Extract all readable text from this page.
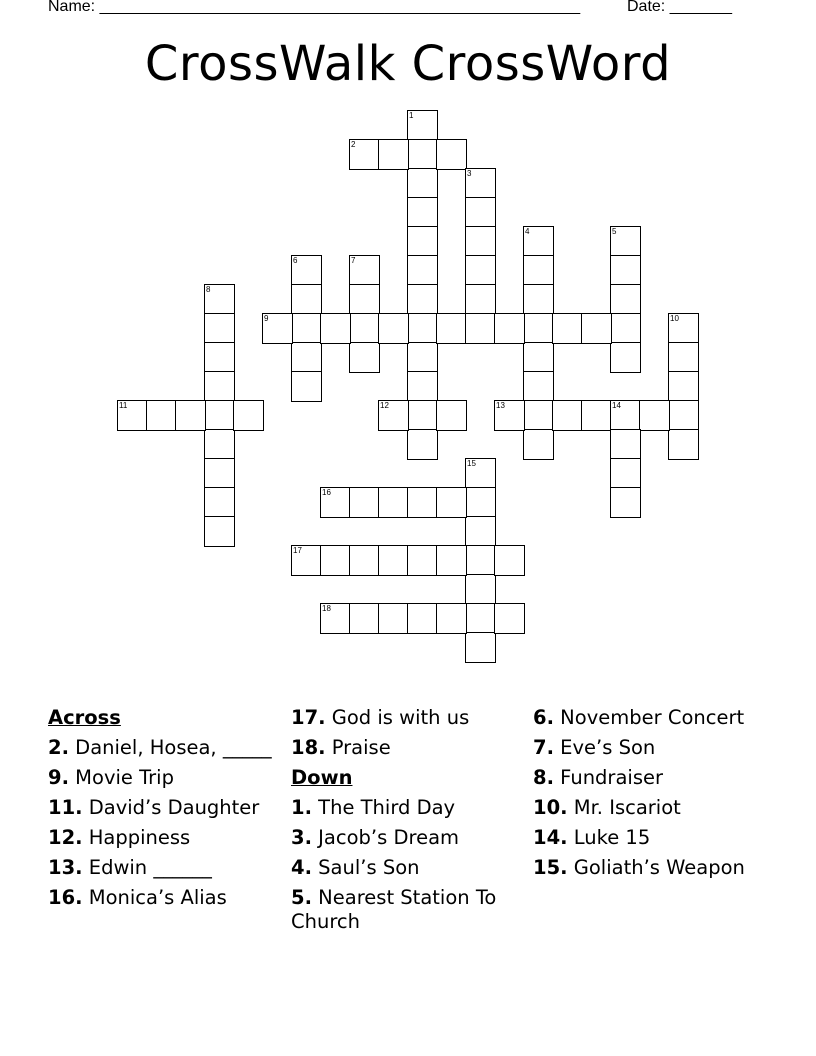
Name: ______________________________________________________	Date: _______
CrossWalk CrossWord
1
2
3
4	5
6	7
8
9	10
11	12	13	14
15
16
17
18
Across
2. Daniel, Hosea, _____
9. Movie Trip
11. David’s Daughter
12. Happiness
13. Edwin ______
16. Monica’s Alias
17. God is with us
18. Praise
Down
1. The Third Day
3. Jacob’s Dream
4. Saul’s Son
5. Nearest Station To Church
6. November Concert
7. Eve’s Son
8. Fundraiser
10. Mr. Iscariot
14. Luke 15
15. Goliath’s Weapon
